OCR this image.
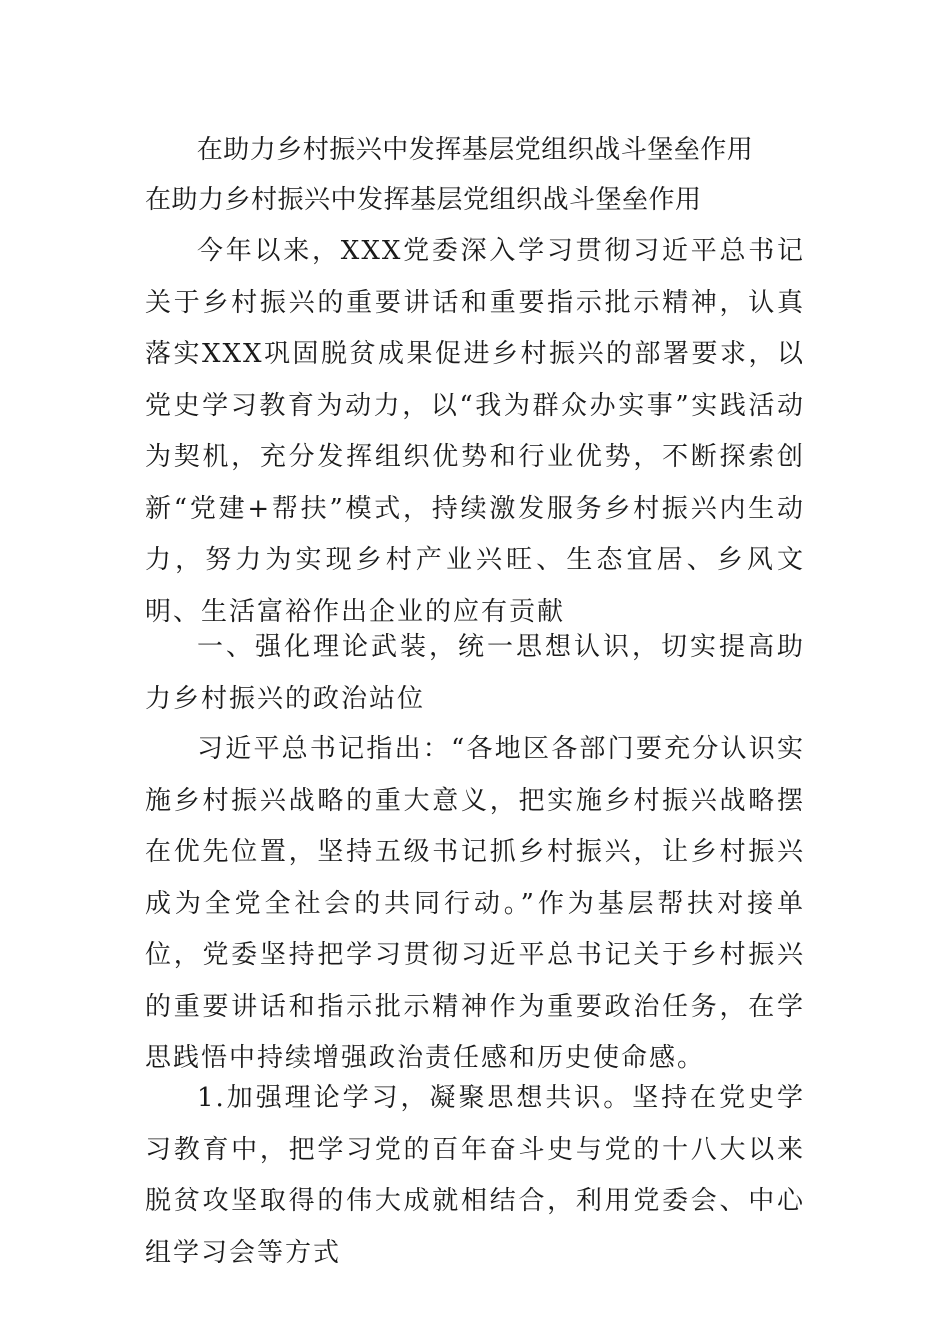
在助力乡村振兴中发挥基层党组织战斗堡垒作用
在助力乡村振兴中发挥基层党组织战斗堡垒作用

今年以来，XXX党委深入学习贯彻习近平总书记关于乡村振兴的重要讲话和重要指示批示精神，认真落实XXX巩固脱贫成果促进乡村振兴的部署要求，以党史学习教育为动力，以“我为群众办实事”实践活动为契机，充分发挥组织优势和行业优势，不断探索创新“党建+帮扶”模式，持续激发服务乡村振兴内生动力，努力为实现乡村产业兴旺、生态宜居、乡风文明、生活富裕作出企业的应有贡献

一、强化理论武装，统一思想认识，切实提高助力乡村振兴的政治站位

习近平总书记指出：“各地区各部门要充分认识实施乡村振兴战略的重大意义，把实施乡村振兴战略摆在优先位置，坚持五级书记抓乡村振兴，让乡村振兴成为全党全社会的共同行动。”作为基层帮扶对接单位，党委坚持把学习贯彻习近平总书记关于乡村振兴的重要讲话和指示批示精神作为重要政治任务，在学思践悟中持续增强政治责任感和历史使命感。

1.加强理论学习，凝聚思想共识。坚持在党史学习教育中，把学习党的百年奋斗史与党的十八大以来脱贫攻坚取得的伟大成就相结合，利用党委会、中心组学习会等方式
